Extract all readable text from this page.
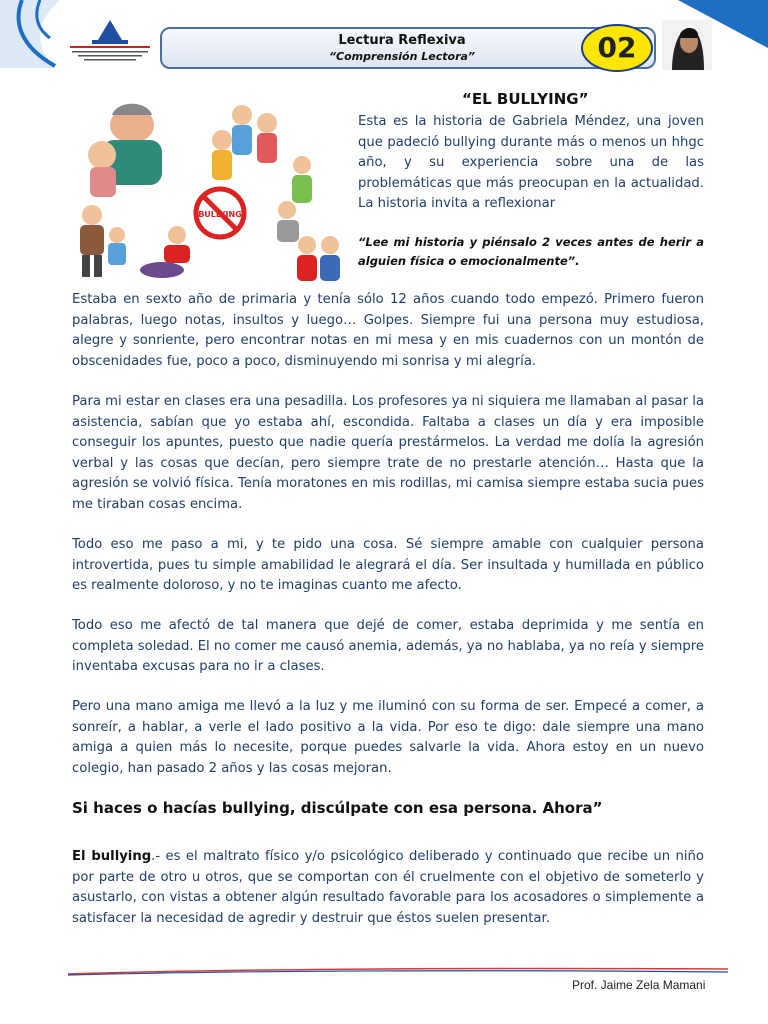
Lectura Reflexiva
“Comprensión Lectora”	02
“EL BULLYING”
BULLYING
Esta es la historia de Gabriela Méndez, una joven que padeció bullying durante más o menos un hhgc año, y su experiencia sobre una de las problemáticas que más preocupan en la actualidad. La historia invita a reflexionar
“Lee mi historia y piénsalo 2 veces antes de herir a alguien física o emocionalmente”.

Estaba en sexto año de primaria y tenía sólo 12 años cuando todo empezó. Primero fueron palabras, luego notas, insultos y luego… Golpes. Siempre fui una persona muy estudiosa, alegre y sonriente, pero encontrar notas en mi mesa y en mis cuadernos con un montón de obscenidades fue, poco a poco, disminuyendo mi sonrisa y mi alegría.

Para mi estar en clases era una pesadilla. Los profesores ya ni siquiera me llamaban al pasar la asistencia, sabían que yo estaba ahí, escondida. Faltaba a clases un día y era imposible conseguir los apuntes, puesto que nadie quería prestármelos. La verdad me dolía la agresión verbal y las cosas que decían, pero siempre trate de no prestarle atención… Hasta que la agresión se volvió física. Tenía moratones en mis rodillas, mi camisa siempre estaba sucia pues me tiraban cosas encima.

Todo eso me paso a mi, y te pido una cosa. Sé siempre amable con cualquier persona introvertida, pues tu simple amabilidad le alegrará el día. Ser insultada y humillada en público es realmente doloroso, y no te imaginas cuanto me afecto.

Todo eso me afectó de tal manera que dejé de comer, estaba deprimida y me sentía en completa soledad. El no comer me causó anemia, además, ya no hablaba, ya no reía y siempre inventaba excusas para no ir a clases.

Pero una mano amiga me llevó a la luz y me iluminó con su forma de ser. Empecé a comer, a sonreír, a hablar, a verle el lado positivo a la vida. Por eso te digo: dale siempre una mano amiga a quien más lo necesite, porque puedes salvarle la vida. Ahora estoy en un nuevo colegio, han pasado 2 años y las cosas mejoran.

Si haces o hacías bullying, discúlpate con esa persona. Ahora”
El bullying.- es el maltrato físico y/o psicológico deliberado y continuado que recibe un niño por parte de otro u otros, que se comportan con él cruelmente con el objetivo de someterlo y asustarlo, con vistas a obtener algún resultado favorable para los acosadores o simplemente a satisfacer la necesidad de agredir y destruir que éstos suelen presentar.
Prof. Jaime Zela Mamani
